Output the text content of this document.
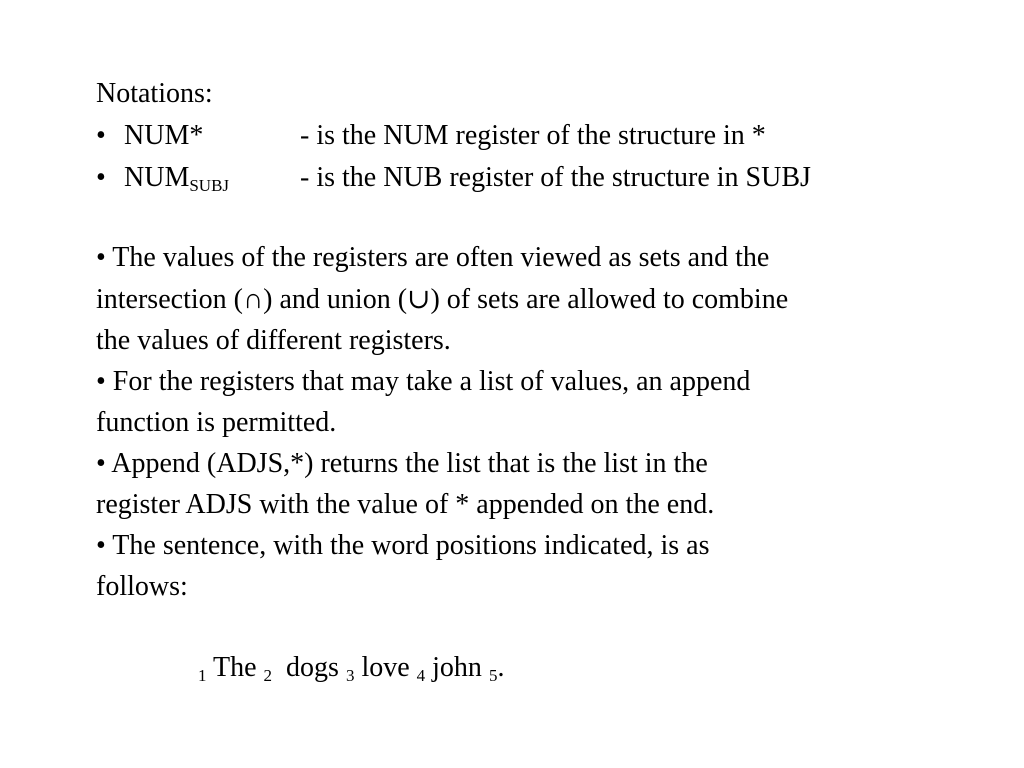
Notations:
• NUM*	- is the NUM register of the structure in *
• $NUM_{SUBJ}$	- is the NUB register of the structure in SUBJ
• The values of the registers are often viewed as sets and the
intersection (∩) and union (∪) of sets are allowed to combine
the values of different registers.
• For the registers that may take a list of values, an append
function is permitted.
• Append (ADJS,*) returns the list that is the list in the
register ADJS with the value of * appended on the end.
• The sentence, with the word positions indicated, is as
follows:
$_1$ The $_2$ dogs $_3$ love $_4$ john $_5$.
